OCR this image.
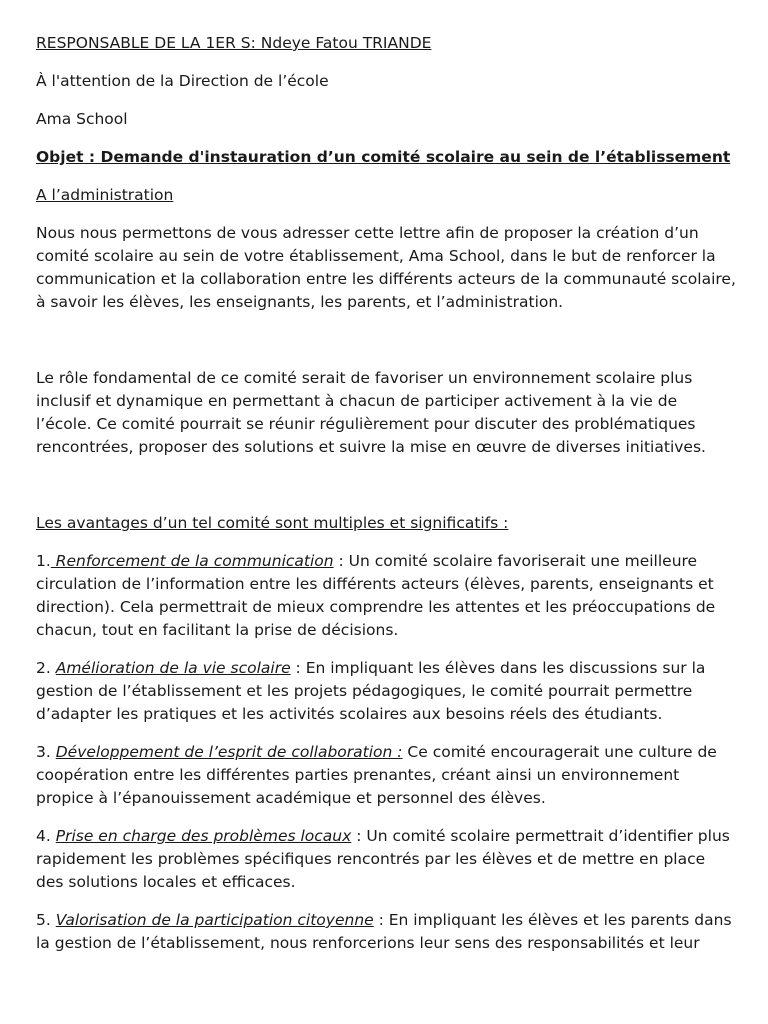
RESPONSABLE DE LA 1ER S: Ndeye Fatou TRIANDE

À l'attention de la Direction de l’école

Ama School

Objet : Demande d'instauration d’un comité scolaire au sein de l’établissement

A l’administration

Nous nous permettons de vous adresser cette lettre afin de proposer la création d’un comité scolaire au sein de votre établissement, Ama School, dans le but de renforcer la communication et la collaboration entre les différents acteurs de la communauté scolaire, à savoir les élèves, les enseignants, les parents, et l’administration.

Le rôle fondamental de ce comité serait de favoriser un environnement scolaire plus inclusif et dynamique en permettant à chacun de participer activement à la vie de l’école. Ce comité pourrait se réunir régulièrement pour discuter des problématiques rencontrées, proposer des solutions et suivre la mise en œuvre de diverses initiatives.

Les avantages d’un tel comité sont multiples et significatifs :

1. Renforcement de la communication : Un comité scolaire favoriserait une meilleure circulation de l’information entre les différents acteurs (élèves, parents, enseignants et direction). Cela permettrait de mieux comprendre les attentes et les préoccupations de chacun, tout en facilitant la prise de décisions.

2. Amélioration de la vie scolaire : En impliquant les élèves dans les discussions sur la gestion de l’établissement et les projets pédagogiques, le comité pourrait permettre d’adapter les pratiques et les activités scolaires aux besoins réels des étudiants.

3. Développement de l’esprit de collaboration : Ce comité encouragerait une culture de coopération entre les différentes parties prenantes, créant ainsi un environnement propice à l’épanouissement académique et personnel des élèves.

4. Prise en charge des problèmes locaux : Un comité scolaire permettrait d’identifier plus rapidement les problèmes spécifiques rencontrés par les élèves et de mettre en place des solutions locales et efficaces.

5. Valorisation de la participation citoyenne : En impliquant les élèves et les parents dans la gestion de l’établissement, nous renforcerions leur sens des responsabilités et leur
